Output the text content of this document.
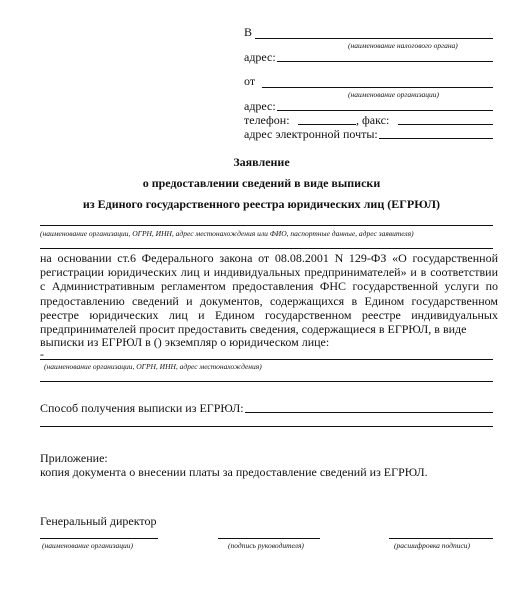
В
(наименование налогового органа)
адрес:
от
(наименование организации)
адрес:
телефон:	, факс:
адрес электронной почты:
Заявление
о предоставлении сведений в виде выписки
из Единого государственного реестра юридических лиц (ЕГРЮЛ)
(наименование организации, ОГРН, ИНН, адрес местонахождения или ФИО, паспортные данные, адрес заявителя)
на основании ст.6 Федерального закона от 08.08.2001 N 129-ФЗ «О государственной регистрации юридических лиц и индивидуальных предпринимателей» и в соответствии с Административным регламентом предоставления ФНС государственной услуги по предоставлению сведений и документов, содержащихся в Едином государственном реестре юридических лиц и Едином государственном реестре индивидуальных предпринимателей просит предоставить сведения, содержащиеся в ЕГРЮЛ, в виде
выписки из ЕГРЮЛ в () экземпляр о юридическом лице:
-
(наименование организации, ОГРН, ИНН, адрес местонахождения)
Способ получения выписки из ЕГРЮЛ:
Приложение:
копия документа о внесении платы за предоставление сведений из ЕГРЮЛ.
Генеральный директор
(наименование организации)	(подпись руководителя)	(расшифровка подписи)
